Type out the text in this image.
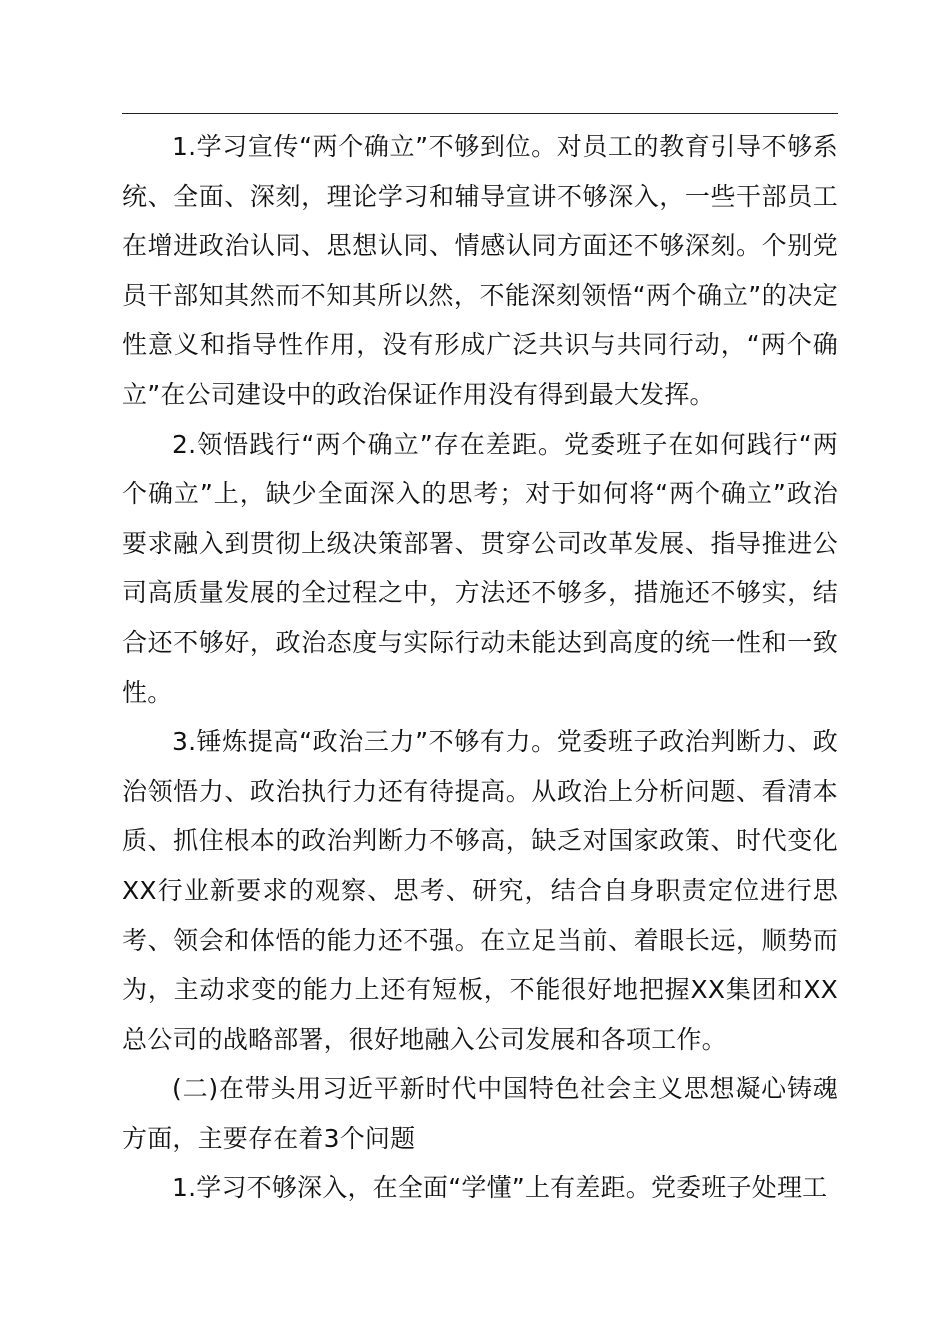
1.学习宣传“两个确立”不够到位。对员工的教育引导不够系统、全面、深刻，理论学习和辅导宣讲不够深入，一些干部员工在增进政治认同、思想认同、情感认同方面还不够深刻。个别党员干部知其然而不知其所以然，不能深刻领悟“两个确立”的决定性意义和指导性作用，没有形成广泛共识与共同行动，“两个确立”在公司建设中的政治保证作用没有得到最大发挥。

2.领悟践行“两个确立”存在差距。党委班子在如何践行“两个确立”上，缺少全面深入的思考；对于如何将“两个确立”政治要求融入到贯彻上级决策部署、贯穿公司改革发展、指导推进公司高质量发展的全过程之中，方法还不够多，措施还不够实，结合还不够好，政治态度与实际行动未能达到高度的统一性和一致性。

3.锤炼提高“政治三力”不够有力。党委班子政治判断力、政治领悟力、政治执行力还有待提高。从政治上分析问题、看清本质、抓住根本的政治判断力不够高，缺乏对国家政策、时代变化XX行业新要求的观察、思考、研究，结合自身职责定位进行思考、领会和体悟的能力还不强。在立足当前、着眼长远，顺势而为，主动求变的能力上还有短板，不能很好地把握XX集团和XX总公司的战略部署，很好地融入公司发展和各项工作。

(二)在带头用习近平新时代中国特色社会主义思想凝心铸魂方面，主要存在着3个问题

1.学习不够深入，在全面“学懂”上有差距。党委班子处理工
